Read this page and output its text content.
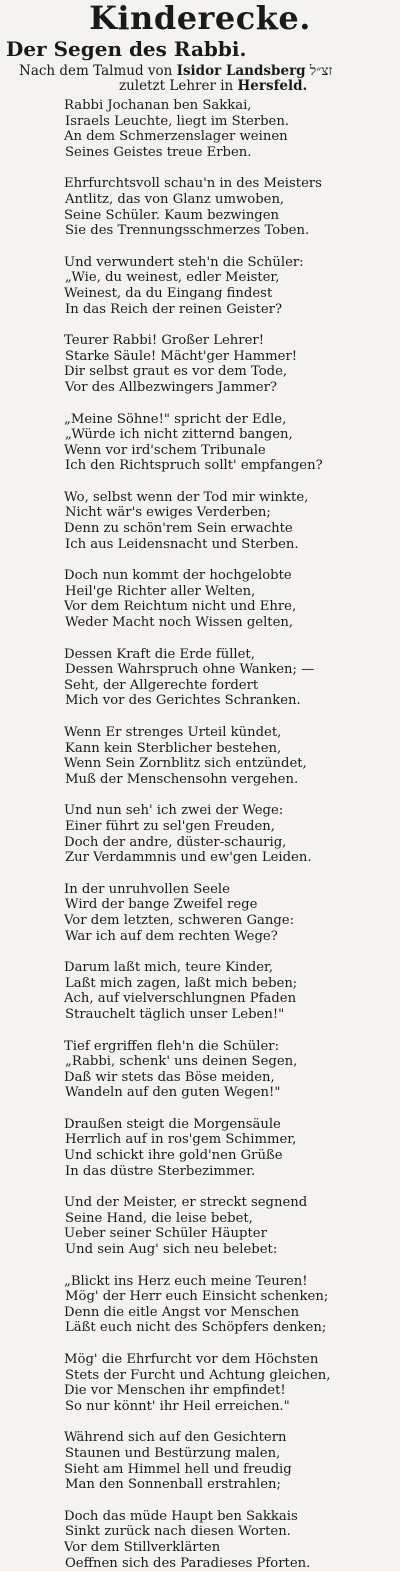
Kinderecke.
Der Segen des Rabbi.
Nach dem Talmud von Isidor Landsberg זצ״ל
zuletzt Lehrer in Hersfeld.
Rabbi Jochanan ben Sakkai,
Israels Leuchte, liegt im Sterben.
An dem Schmerzenslager weinen
Seines Geistes treue Erben.
Ehrfurchtsvoll schau'n in des Meisters
Antlitz, das von Glanz umwoben,
Seine Schüler. Kaum bezwingen
Sie des Trennungsschmerzes Toben.
Und verwundert steh'n die Schüler:
„Wie, du weinest, edler Meister,
Weinest, da du Eingang findest
In das Reich der reinen Geister?
Teurer Rabbi! Großer Lehrer!
Starke Säule! Mächt'ger Hammer!
Dir selbst graut es vor dem Tode,
Vor des Allbezwingers Jammer?
„Meine Söhne!" spricht der Edle,
„Würde ich nicht zitternd bangen,
Wenn vor ird'schem Tribunale
Ich den Richtspruch sollt' empfangen?
Wo, selbst wenn der Tod mir winkte,
Nicht wär's ewiges Verderben;
Denn zu schön'rem Sein erwachte
Ich aus Leidensnacht und Sterben.
Doch nun kommt der hochgelobte
Heil'ge Richter aller Welten,
Vor dem Reichtum nicht und Ehre,
Weder Macht noch Wissen gelten,
Dessen Kraft die Erde füllet,
Dessen Wahrspruch ohne Wanken; —
Seht, der Allgerechte fordert
Mich vor des Gerichtes Schranken.
Wenn Er strenges Urteil kündet,
Kann kein Sterblicher bestehen,
Wenn Sein Zornblitz sich entzündet,
Muß der Menschensohn vergehen.
Und nun seh' ich zwei der Wege:
Einer führt zu sel'gen Freuden,
Doch der andre, düster-schaurig,
Zur Verdammnis und ew'gen Leiden.
In der unruhvollen Seele
Wird der bange Zweifel rege
Vor dem letzten, schweren Gange:
War ich auf dem rechten Wege?
Darum laßt mich, teure Kinder,
Laßt mich zagen, laßt mich beben;
Ach, auf vielverschlungnen Pfaden
Strauchelt täglich unser Leben!"
Tief ergriffen fleh'n die Schüler:
„Rabbi, schenk' uns deinen Segen,
Daß wir stets das Böse meiden,
Wandeln auf den guten Wegen!"
Draußen steigt die Morgensäule
Herrlich auf in ros'gem Schimmer,
Und schickt ihre gold'nen Grüße
In das düstre Sterbezimmer.
Und der Meister, er streckt segnend
Seine Hand, die leise bebet,
Ueber seiner Schüler Häupter
Und sein Aug' sich neu belebet:
„Blickt ins Herz euch meine Teuren!
Mög' der Herr euch Einsicht schenken;
Denn die eitle Angst vor Menschen
Läßt euch nicht des Schöpfers denken;
Mög' die Ehrfurcht vor dem Höchsten
Stets der Furcht und Achtung gleichen,
Die vor Menschen ihr empfindet!
So nur könnt' ihr Heil erreichen."
Während sich auf den Gesichtern
Staunen und Bestürzung malen,
Sieht am Himmel hell und freudig
Man den Sonnenball erstrahlen;
Doch das müde Haupt ben Sakkais
Sinkt zurück nach diesen Worten.
Vor dem Stillverklärten
Oeffnen sich des Paradieses Pforten.
